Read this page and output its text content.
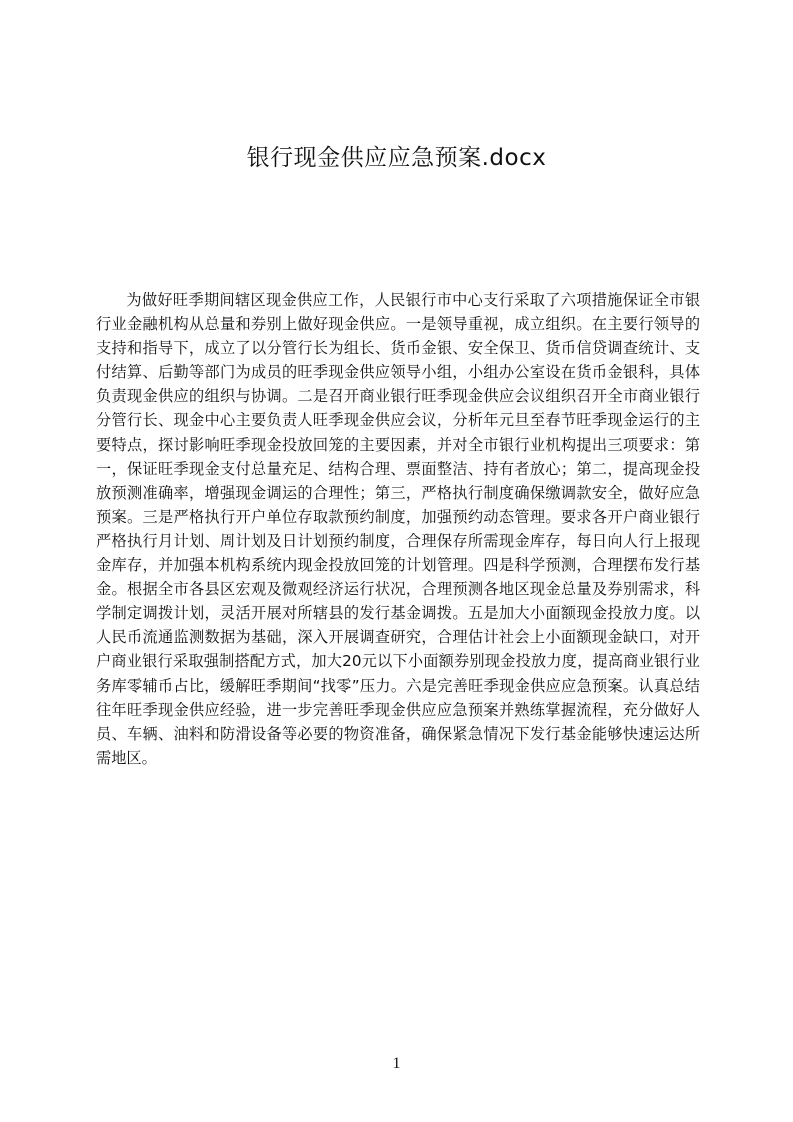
银行现金供应应急预案.docx

为做好旺季期间辖区现金供应工作，人民银行市中心支行采取了六项措施保证全市银行业金融机构从总量和券别上做好现金供应。一是领导重视，成立组织。在主要行领导的支持和指导下，成立了以分管行长为组长、货币金银、安全保卫、货币信贷调查统计、支付结算、后勤等部门为成员的旺季现金供应领导小组，小组办公室设在货币金银科，具体负责现金供应的组织与协调。二是召开商业银行旺季现金供应会议组织召开全市商业银行分管行长、现金中心主要负责人旺季现金供应会议，分析年元旦至春节旺季现金运行的主要特点，探讨影响旺季现金投放回笼的主要因素，并对全市银行业机构提出三项要求：第一，保证旺季现金支付总量充足、结构合理、票面整洁、持有者放心；第二，提高现金投放预测准确率，增强现金调运的合理性；第三，严格执行制度确保缴调款安全，做好应急预案。三是严格执行开户单位存取款预约制度，加强预约动态管理。要求各开户商业银行严格执行月计划、周计划及日计划预约制度，合理保存所需现金库存，每日向人行上报现金库存，并加强本机构系统内现金投放回笼的计划管理。四是科学预测，合理摆布发行基金。根据全市各县区宏观及微观经济运行状况，合理预测各地区现金总量及券别需求，科学制定调拨计划，灵活开展对所辖县的发行基金调拨。五是加大小面额现金投放力度。以人民币流通监测数据为基础，深入开展调查研究，合理估计社会上小面额现金缺口，对开户商业银行采取强制搭配方式，加大20元以下小面额券别现金投放力度，提高商业银行业务库零辅币占比，缓解旺季期间“找零”压力。六是完善旺季现金供应应急预案。认真总结往年旺季现金供应经验，进一步完善旺季现金供应应急预案并熟练掌握流程，充分做好人员、车辆、油料和防滑设备等必要的物资准备，确保紧急情况下发行基金能够快速运达所需地区。

1
